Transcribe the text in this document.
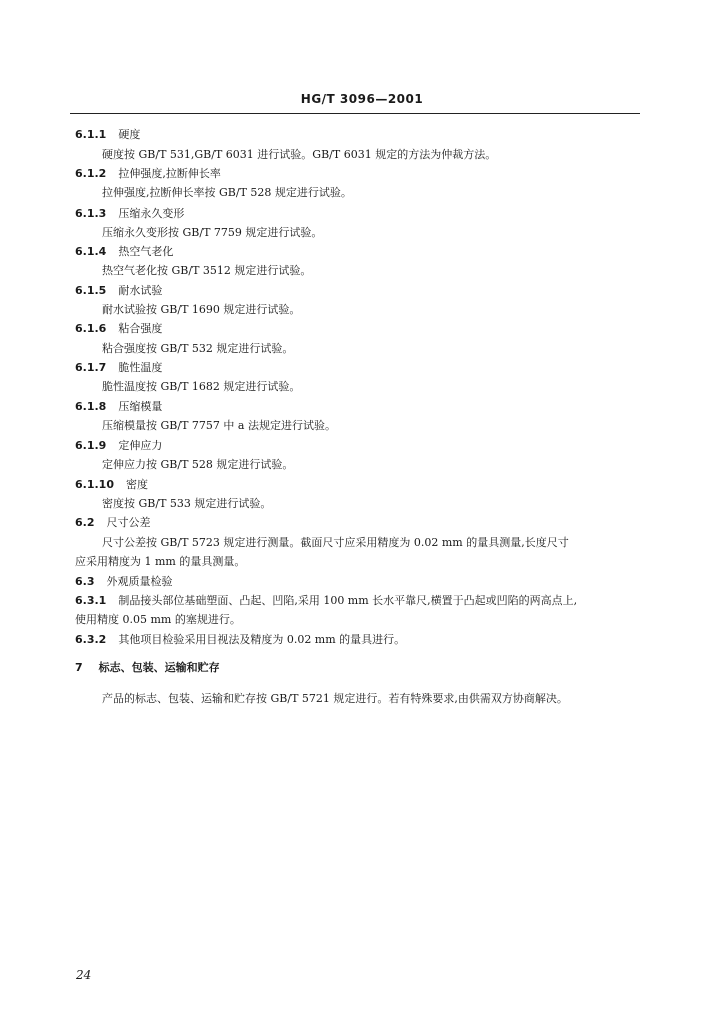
HG/T 3096—2001
6.1.1 硬度
硬度按 GB/T 531,GB/T 6031 进行试验。GB/T 6031 规定的方法为仲裁方法。
6.1.2 拉伸强度,拉断伸长率
拉伸强度,拉断伸长率按 GB/T 528 规定进行试验。
6.1.3 压缩永久变形
压缩永久变形按 GB/T 7759 规定进行试验。
6.1.4 热空气老化
热空气老化按 GB/T 3512 规定进行试验。
6.1.5 耐水试验
耐水试验按 GB/T 1690 规定进行试验。
6.1.6 粘合强度
粘合强度按 GB/T 532 规定进行试验。
6.1.7 脆性温度
脆性温度按 GB/T 1682 规定进行试验。
6.1.8 压缩模量
压缩模量按 GB/T 7757 中 a 法规定进行试验。
6.1.9 定伸应力
定伸应力按 GB/T 528 规定进行试验。
6.1.10 密度
密度按 GB/T 533 规定进行试验。
6.2 尺寸公差
尺寸公差按 GB/T 5723 规定进行测量。截面尺寸应采用精度为 0.02 mm 的量具测量,长度尺寸
应采用精度为 1 mm 的量具测量。
6.3 外观质量检验
6.3.1 制品接头部位基础塑面、凸起、凹陷,采用 100 mm 长水平靠尺,横置于凸起或凹陷的两高点上,
使用精度 0.05 mm 的塞规进行。
6.3.2 其他项目检验采用目视法及精度为 0.02 mm 的量具进行。
7 标志、包装、运输和贮存
产品的标志、包装、运输和贮存按 GB/T 5721 规定进行。若有特殊要求,由供需双方协商解决。
24
